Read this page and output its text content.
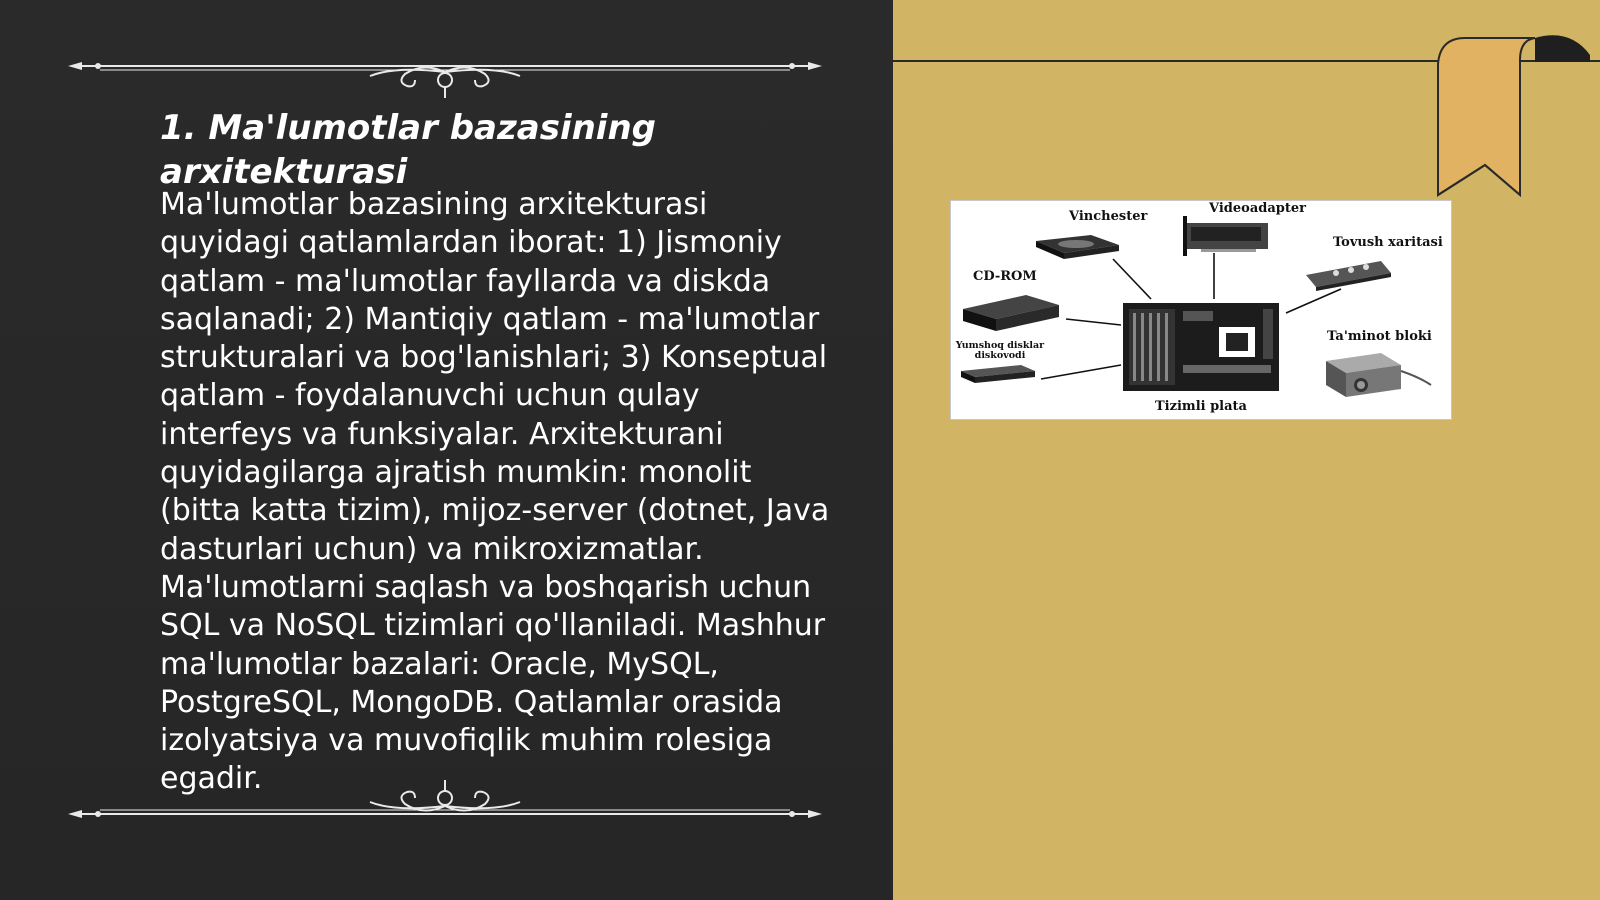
1. Ma'lumotlar bazasining arxitekturasi

Ma'lumotlar bazasining arxitekturasi quyidagi qatlamlardan iborat: 1) Jismoniy qatlam - ma'lumotlar fayllarda va diskda saqlanadi; 2) Mantiqiy qatlam - ma'lumotlar strukturalari va bog'lanishlari; 3) Konseptual qatlam - foydalanuvchi uchun qulay interfeys va funksiyalar. Arxitekturani quyidagilarga ajratish mumkin: monolit (bitta katta tizim), mijoz-server (dotnet, Java dasturlari uchun) va mikroxizmatlar. Ma'lumotlarni saqlash va boshqarish uchun SQL va NoSQL tizimlari qo'llaniladi. Mashhur ma'lumotlar bazalari: Oracle, MySQL, PostgreSQL, MongoDB. Qatlamlar orasida izolyatsiya va muvofiqlik muhim rolesiga egadir.

Vinchester
Videoadapter
Tovush xaritasi
CD-ROM
Yumshoq disklar diskovodi
Ta'minot bloki
Tizimli plata
